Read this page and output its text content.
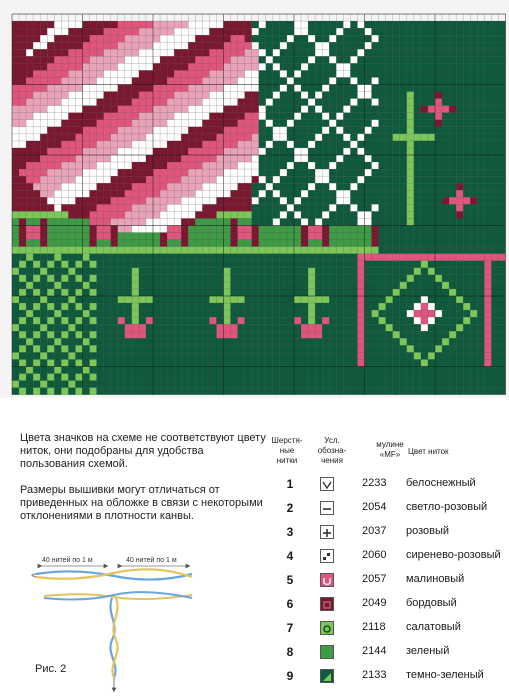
Цвета значков на схеме не соответствуют цвету ниток, они подобраны для удобства пользования схемой.
Размеры вышивки могут отличаться от приведенных на обложке в связи с некоторыми отклонениями в плотности канвы.
Шерстя-
ные
нитки
Усл.
обозна-
чения
мулине
«MF» Цвет ниток
1	2233 белоснежный
2	2054 светло-розовый
3	2037 розовый
4	2060 сиренево-розовый
5	2057 малиновый
6	2049 бордовый
7	2118 салатовый
8	2144 зеленый
9	2133 темно-зеленый
40 нитей по 1 м	40 нитей по 1 м
Рис. 2
